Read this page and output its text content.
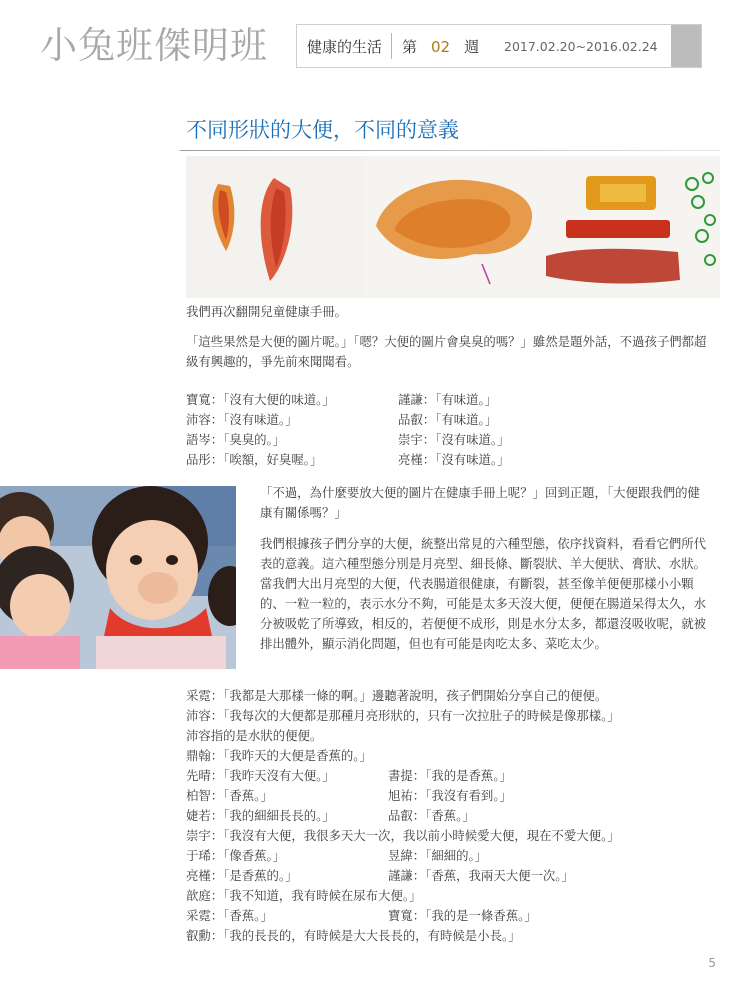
小兔班傑明班	健康的生活	第 02 週	2017.02.20~2016.02.24
不同形狀的大便，不同的意義
我們再次翻開兒童健康手冊。
「這些果然是大便的圖片呢。」「嗯？大便的圖片會臭臭的嗎？」雖然是題外話，不過孩子們都超級有興趣的，爭先前來聞聞看。
寶寬：「沒有大便的味道。」	謹謙：「有味道。」
沛容：「沒有味道。」	品叡：「有味道。」
語岑：「臭臭的。」	崇宇：「沒有味道。」
品彤：「唉額，好臭喔。」	亮槿：「沒有味道。」
「不過，為什麼要放大便的圖片在健康手冊上呢？」回到正題，「大便跟我們的健康有關係嗎？」
我們根據孩子們分享的大便，統整出常見的六種型態，依序找資料，看看它們所代表的意義。這六種型態分別是月亮型、細長條、斷裂狀、羊大便狀、膏狀、水狀。當我們大出月亮型的大便，代表腸道很健康，有斷裂，甚至像羊便便那樣小小顆的、一粒一粒的，表示水分不夠，可能是太多天沒大便，便便在腸道呆得太久，水分被吸乾了所導致，相反的，若便便不成形，則是水分太多，都還沒吸收呢，就被排出體外，顯示消化問題，但也有可能是肉吃太多、菜吃太少。
采霓：「我都是大那樣一條的啊。」邊聽著說明，孩子們開始分享自己的便便。
沛容：「我每次的大便都是那種月亮形狀的，只有一次拉肚子的時候是像那樣。」
沛容指的是水狀的便便。
鼎翰：「我昨天的大便是香蕉的。」
先晴：「我昨天沒有大便。」	書提：「我的是香蕉。」
柏智：「香蕉。」	旭祐：「我沒有看到。」
婕若：「我的細細長長的。」	品叡：「香蕉。」
崇宇：「我沒有大便，我很多天大一次，我以前小時候愛大便，現在不愛大便。」
于琋：「像香蕉。」	昱緯：「細細的。」
亮槿：「是香蕉的。」	謹謙：「香蕉，我兩天大便一次。」
歆庭：「我不知道，我有時候在尿布大便。」
采霓：「香蕉。」	寶寬：「我的是一條香蕉。」
叡勳：「我的長長的，有時候是大大長長的，有時候是小長。」
5
